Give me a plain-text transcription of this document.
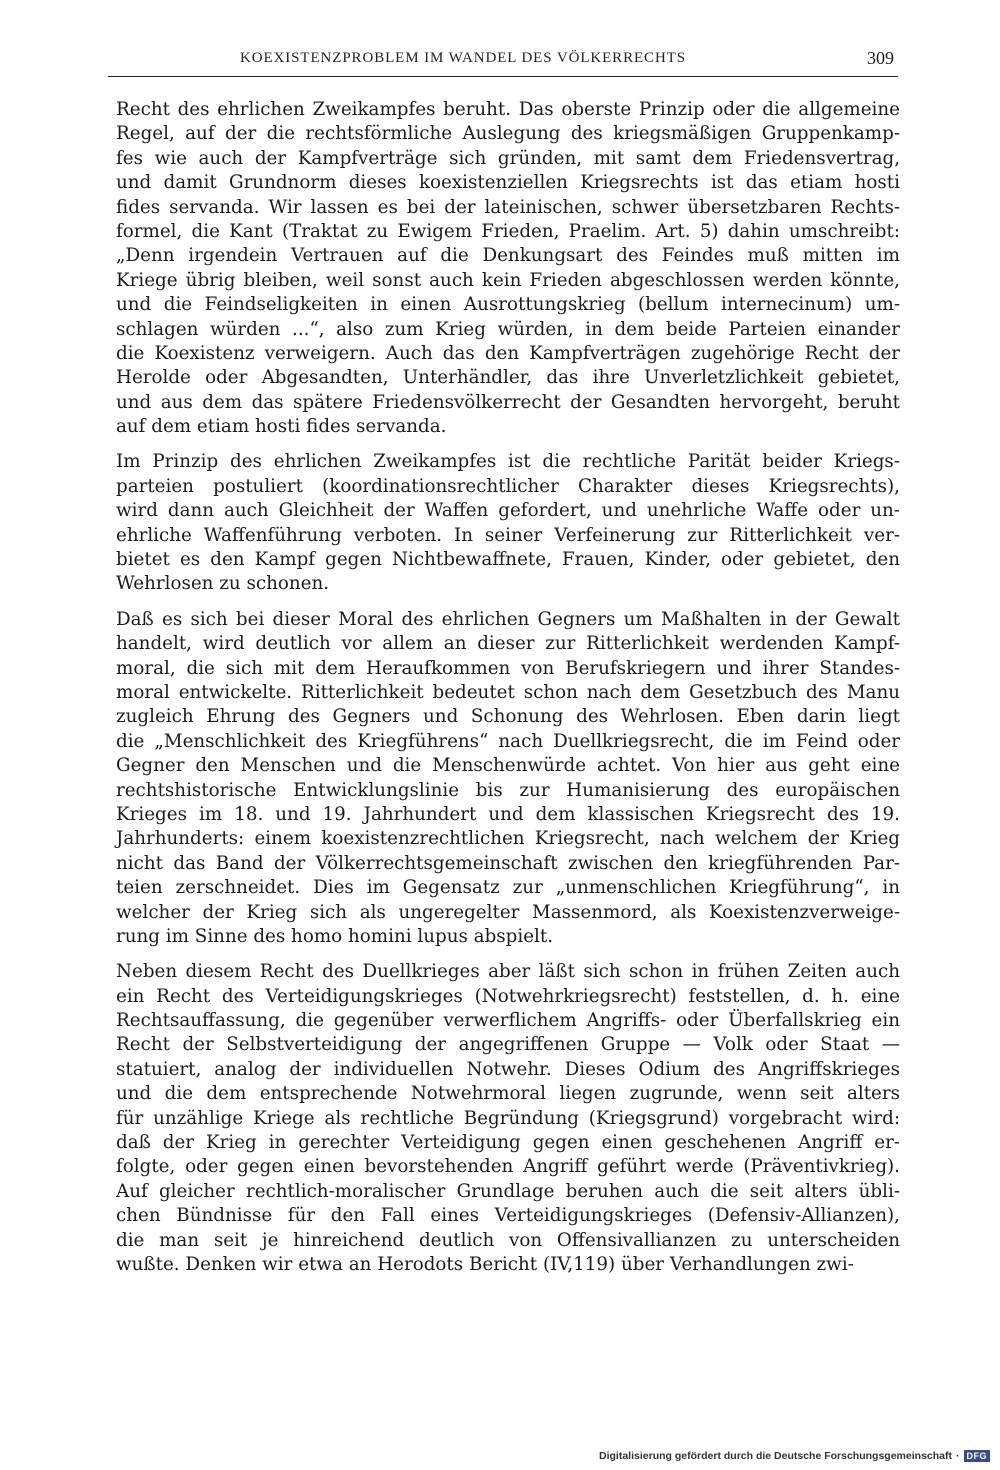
KOEXISTENZPROBLEM IM WANDEL DES VÖLKERRECHTS	309
Recht des ehrlichen Zweikampfes beruht. Das oberste Prinzip oder die allgemeine
Regel, auf der die rechtsförmliche Auslegung des kriegsmäßigen Gruppenkamp-
fes wie auch der Kampfverträge sich gründen, mit samt dem Friedensvertrag,
und damit Grundnorm dieses koexistenziellen Kriegsrechts ist das etiam hosti
fides servanda. Wir lassen es bei der lateinischen, schwer übersetzbaren Rechts-
formel, die Kant (Traktat zu Ewigem Frieden, Praelim. Art. 5) dahin umschreibt:
„Denn irgendein Vertrauen auf die Denkungsart des Feindes muß mitten im
Kriege übrig bleiben, weil sonst auch kein Frieden abgeschlossen werden könnte,
und die Feindseligkeiten in einen Ausrottungskrieg (bellum internecinum) um-
schlagen würden ...“, also zum Krieg würden, in dem beide Parteien einander
die Koexistenz verweigern. Auch das den Kampfverträgen zugehörige Recht der
Herolde oder Abgesandten, Unterhändler, das ihre Unverletzlichkeit gebietet,
und aus dem das spätere Friedensvölkerrecht der Gesandten hervorgeht, beruht
auf dem etiam hosti fides servanda.
Im Prinzip des ehrlichen Zweikampfes ist die rechtliche Parität beider Kriegs-
parteien postuliert (koordinationsrechtlicher Charakter dieses Kriegsrechts),
wird dann auch Gleichheit der Waffen gefordert, und unehrliche Waffe oder un-
ehrliche Waffenführung verboten. In seiner Verfeinerung zur Ritterlichkeit ver-
bietet es den Kampf gegen Nichtbewaffnete, Frauen, Kinder, oder gebietet, den
Wehrlosen zu schonen.
Daß es sich bei dieser Moral des ehrlichen Gegners um Maßhalten in der Gewalt
handelt, wird deutlich vor allem an dieser zur Ritterlichkeit werdenden Kampf-
moral, die sich mit dem Heraufkommen von Berufskriegern und ihrer Standes-
moral entwickelte. Ritterlichkeit bedeutet schon nach dem Gesetzbuch des Manu
zugleich Ehrung des Gegners und Schonung des Wehrlosen. Eben darin liegt
die „Menschlichkeit des Kriegführens“ nach Duellkriegsrecht, die im Feind oder
Gegner den Menschen und die Menschenwürde achtet. Von hier aus geht eine
rechtshistorische Entwicklungslinie bis zur Humanisierung des europäischen
Krieges im 18. und 19. Jahrhundert und dem klassischen Kriegsrecht des 19.
Jahrhunderts: einem koexistenzrechtlichen Kriegsrecht, nach welchem der Krieg
nicht das Band der Völkerrechtsgemeinschaft zwischen den kriegführenden Par-
teien zerschneidet. Dies im Gegensatz zur „unmenschlichen Kriegführung“, in
welcher der Krieg sich als ungeregelter Massenmord, als Koexistenzverweige-
rung im Sinne des homo homini lupus abspielt.
Neben diesem Recht des Duellkrieges aber läßt sich schon in frühen Zeiten auch
ein Recht des Verteidigungskrieges (Notwehrkriegsrecht) feststellen, d. h. eine
Rechtsauffassung, die gegenüber verwerflichem Angriffs- oder Überfallskrieg ein
Recht der Selbstverteidigung der angegriffenen Gruppe — Volk oder Staat —
statuiert, analog der individuellen Notwehr. Dieses Odium des Angriffskrieges
und die dem entsprechende Notwehrmoral liegen zugrunde, wenn seit alters
für unzählige Kriege als rechtliche Begründung (Kriegsgrund) vorgebracht wird:
daß der Krieg in gerechter Verteidigung gegen einen geschehenen Angriff er-
folgte, oder gegen einen bevorstehenden Angriff geführt werde (Präventivkrieg).
Auf gleicher rechtlich-moralischer Grundlage beruhen auch die seit alters übli-
chen Bündnisse für den Fall eines Verteidigungskrieges (Defensiv-Allianzen),
die man seit je hinreichend deutlich von Offensivallianzen zu unterscheiden
wußte. Denken wir etwa an Herodots Bericht (IV,119) über Verhandlungen zwi-
Digitalisierung gefördert durch die Deutsche Forschungsgemeinschaft · DFG
